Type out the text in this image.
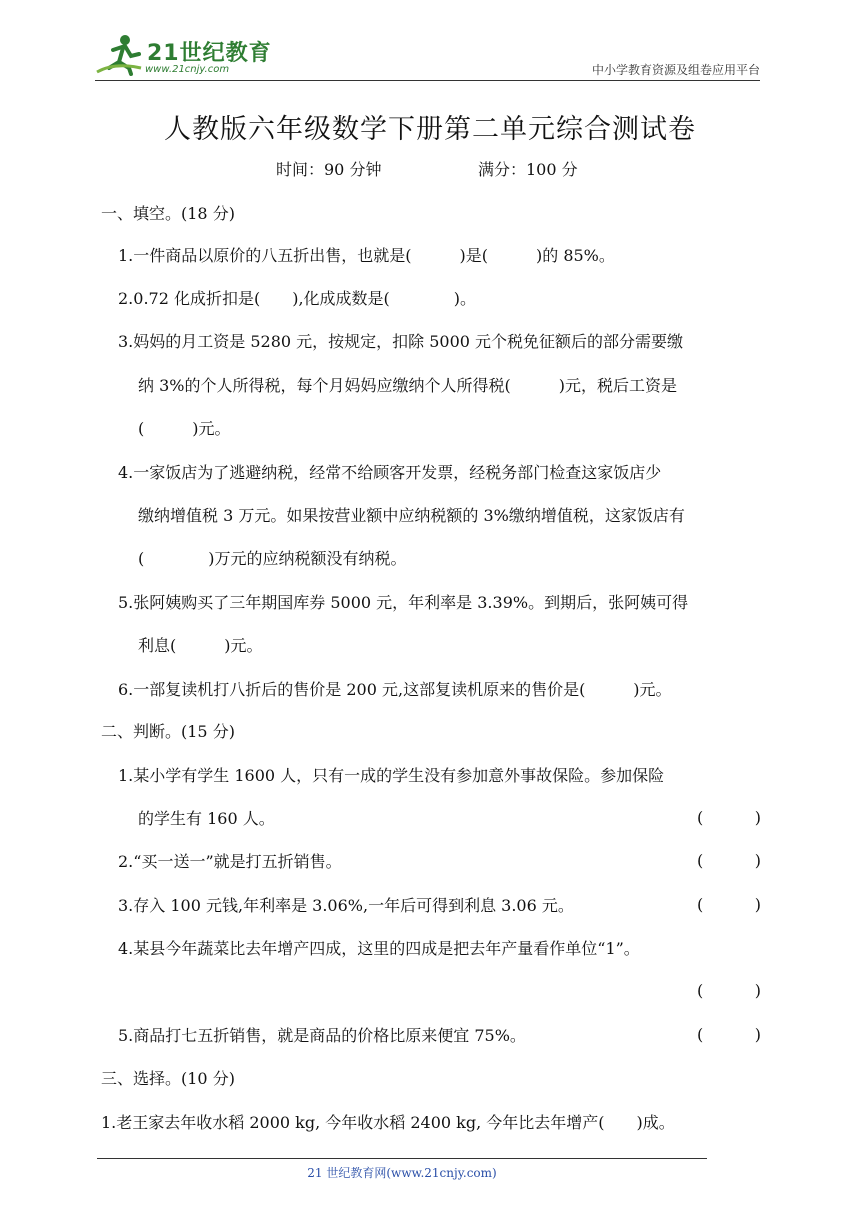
21世纪教育
www.21cnjy.com	中小学教育资源及组卷应用平台
人教版六年级数学下册第二单元综合测试卷
时间：90 分钟	满分：100 分
一、填空。(18 分)
1.一件商品以原价的八五折出售，也就是(　　　)是(　　　)的 85%。
2.0.72 化成折扣是(　　),化成成数是(　　　　)。
3.妈妈的月工资是 5280 元，按规定，扣除 5000 元个税免征额后的部分需要缴
纳 3%的个人所得税，每个月妈妈应缴纳个人所得税(　　　)元，税后工资是
(　　　)元。
4.一家饭店为了逃避纳税，经常不给顾客开发票，经税务部门检查这家饭店少
缴纳增值税 3 万元。如果按营业额中应纳税额的 3%缴纳增值税，这家饭店有
(　　　　)万元的应纳税额没有纳税。
5.张阿姨购买了三年期国库券 5000 元，年利率是 3.39%。到期后，张阿姨可得
利息(　　　)元。
6.一部复读机打八折后的售价是 200 元,这部复读机原来的售价是(　　　)元。
二、判断。(15 分)
1.某小学有学生 1600 人，只有一成的学生没有参加意外事故保险。参加保险
的学生有 160 人。	(	)
2.“买一送一”就是打五折销售。	(	)
3.存入 100 元钱,年利率是 3.06%,一年后可得到利息 3.06 元。	(	)
4.某县今年蔬菜比去年增产四成，这里的四成是把去年产量看作单位“1”。
(	)
5.商品打七五折销售，就是商品的价格比原来便宜 75%。	(	)
三、选择。(10 分)
1.老王家去年收水稻 2000 kg, 今年收水稻 2400 kg, 今年比去年增产(　　)成。
21 世纪教育网(www.21cnjy.com)
